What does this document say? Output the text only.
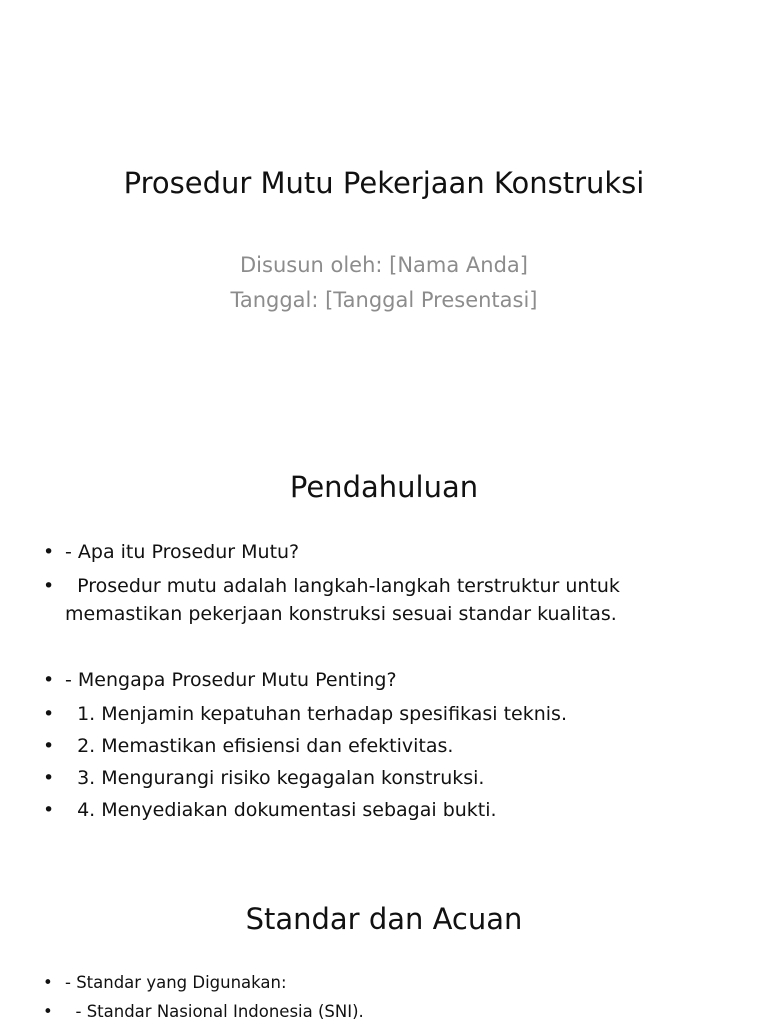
Prosedur Mutu Pekerjaan Konstruksi
Disusun oleh: [Nama Anda]
Tanggal: [Tanggal Presentasi]
Pendahuluan
• - Apa itu Prosedur Mutu?
• Prosedur mutu adalah langkah-langkah terstruktur untuk memastikan pekerjaan konstruksi sesuai standar kualitas.
• - Mengapa Prosedur Mutu Penting?
• 1. Menjamin kepatuhan terhadap spesifikasi teknis.
• 2. Memastikan efisiensi dan efektivitas.
• 3. Mengurangi risiko kegagalan konstruksi.
• 4. Menyediakan dokumentasi sebagai bukti.
Standar dan Acuan
• - Standar yang Digunakan:
• - Standar Nasional Indonesia (SNI).
